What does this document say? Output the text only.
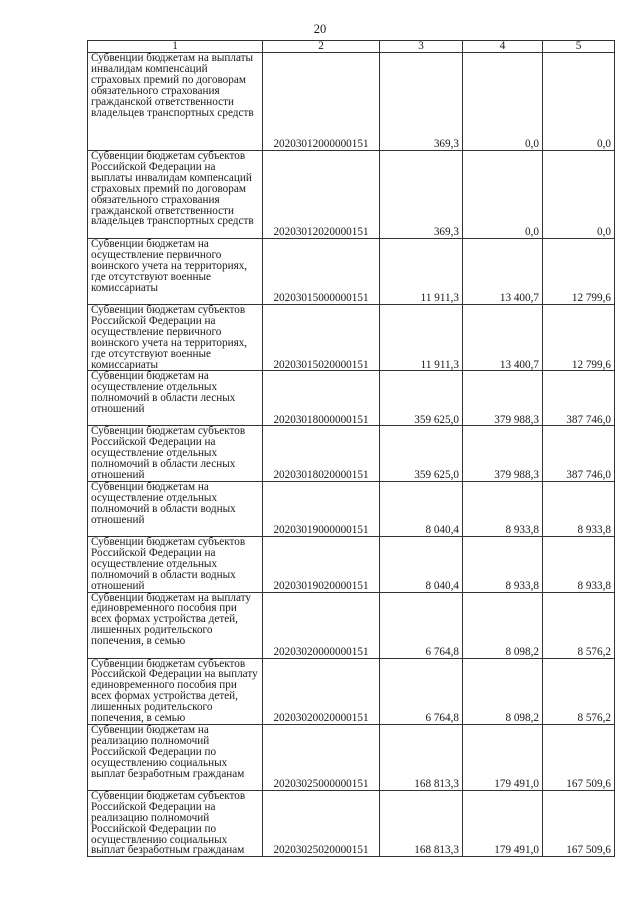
20
1	2	3	4	5
Субвенции бюджетам на выплаты инвалидам компенсаций страховых премий по договорам обязательного страхования гражданской ответственности владельцев транспортных средств	20203012000000151	369,3	0,0	0,0
Субвенции бюджетам субъектов Российской Федерации на выплаты инвалидам компенсаций страховых премий по договорам обязательного страхования гражданской ответственности владельцев транспортных средств	20203012020000151	369,3	0,0	0,0
Субвенции бюджетам на осуществление первичного воинского учета на территориях, где отсутствуют военные комиссариаты	20203015000000151	11 911,3	13 400,7	12 799,6
Субвенции бюджетам субъектов Российской Федерации на осуществление первичного воинского учета на территориях, где отсутствуют военные комиссариаты	20203015020000151	11 911,3	13 400,7	12 799,6
Субвенции бюджетам на осуществление отдельных полномочий в области лесных отношений	20203018000000151	359 625,0	379 988,3	387 746,0
Субвенции бюджетам субъектов Российской Федерации на осуществление отдельных полномочий в области лесных отношений	20203018020000151	359 625,0	379 988,3	387 746,0
Субвенции бюджетам на осуществление отдельных полномочий в области водных отношений	20203019000000151	8 040,4	8 933,8	8 933,8
Субвенции бюджетам субъектов Российской Федерации на осуществление отдельных полномочий в области водных отношений	20203019020000151	8 040,4	8 933,8	8 933,8
Субвенции бюджетам на выплату единовременного пособия при всех формах устройства детей, лишенных родительского попечения, в семью	20203020000000151	6 764,8	8 098,2	8 576,2
Субвенции бюджетам субъектов Российской Федерации на выплату единовременного пособия при всех формах устройства детей, лишенных родительского попечения, в семью	20203020020000151	6 764,8	8 098,2	8 576,2
Субвенции бюджетам на реализацию полномочий Российской Федерации по осуществлению социальных выплат безработным гражданам	20203025000000151	168 813,3	179 491,0	167 509,6
Субвенции бюджетам субъектов Российской Федерации на реализацию полномочий Российской Федерации по осуществлению социальных выплат безработным гражданам	20203025020000151	168 813,3	179 491,0	167 509,6
